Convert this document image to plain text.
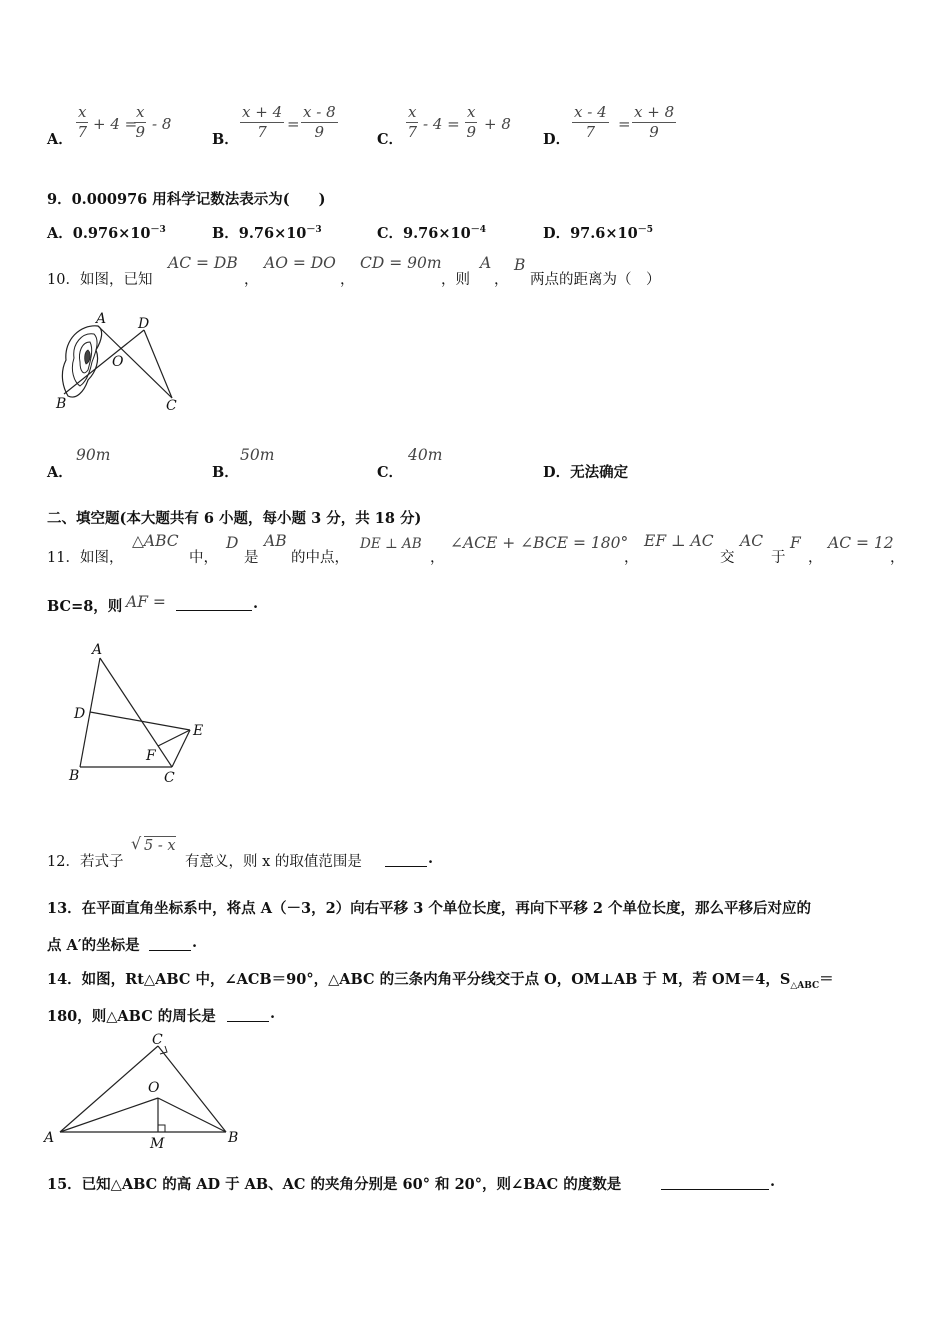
A． $\frac{x}{7} + 4$ =
$\frac{x}{9} - 8$
B． $\frac{x + 4}{7} = \frac{x - 8}{9}$	C． $\frac{x}{7} - 4 = \frac{x}{9} + 8$
D． $\frac{x - 4}{7} = \frac{x + 8}{9}$
9．0.000976 用科学记数法表示为(　　)
A．$0.976\times 10^{-3}$	B．$9.76\times 10^{-3}$	C．$9.76\times 10^{-4}$	D．$97.6\times 10^{-5}$
10．如图，已知
AC = DB
，
AO = DO
，
CD = 90m
，则
A
，
B
两点的距离为（　）
A D
O
B	C
A．
90m
B．
50m
C．
40m
D．无法确定
二、填空题(本大题共有 6 小题，每小题 3 分，共 18 分)
11．如图，
△ABC
中，
D
是
AB
的中点，
DE ⊥ AB
，
∠ACE + ∠BCE = 180°
，
EF ⊥ AC
交
AC
于
F
，
AC = 12
，
BC=8，则 AF =	.
A
D
E
F
B	C
12．若式子
√ 5 - x
有意义，则 x 的取值范围是	.
13．在平面直角坐标系中，将点 A（－3，2）向右平移 3 个单位长度，再向下平移 2 个单位长度，那么平移后对应的
点 A′的坐标是	.
14．如图，Rt△ABC 中，∠ACB＝90°，△ABC 的三条内角平分线交于点 O，OM⊥AB 于 M，若 OM＝4，$S_{\triangle ABC}=$
180，则△ABC 的周长是	.
C
O
A	M	B
15．已知△ABC 的高 AD 于 AB、AC 的夹角分别是 60° 和 20°，则∠BAC 的度数是	.
